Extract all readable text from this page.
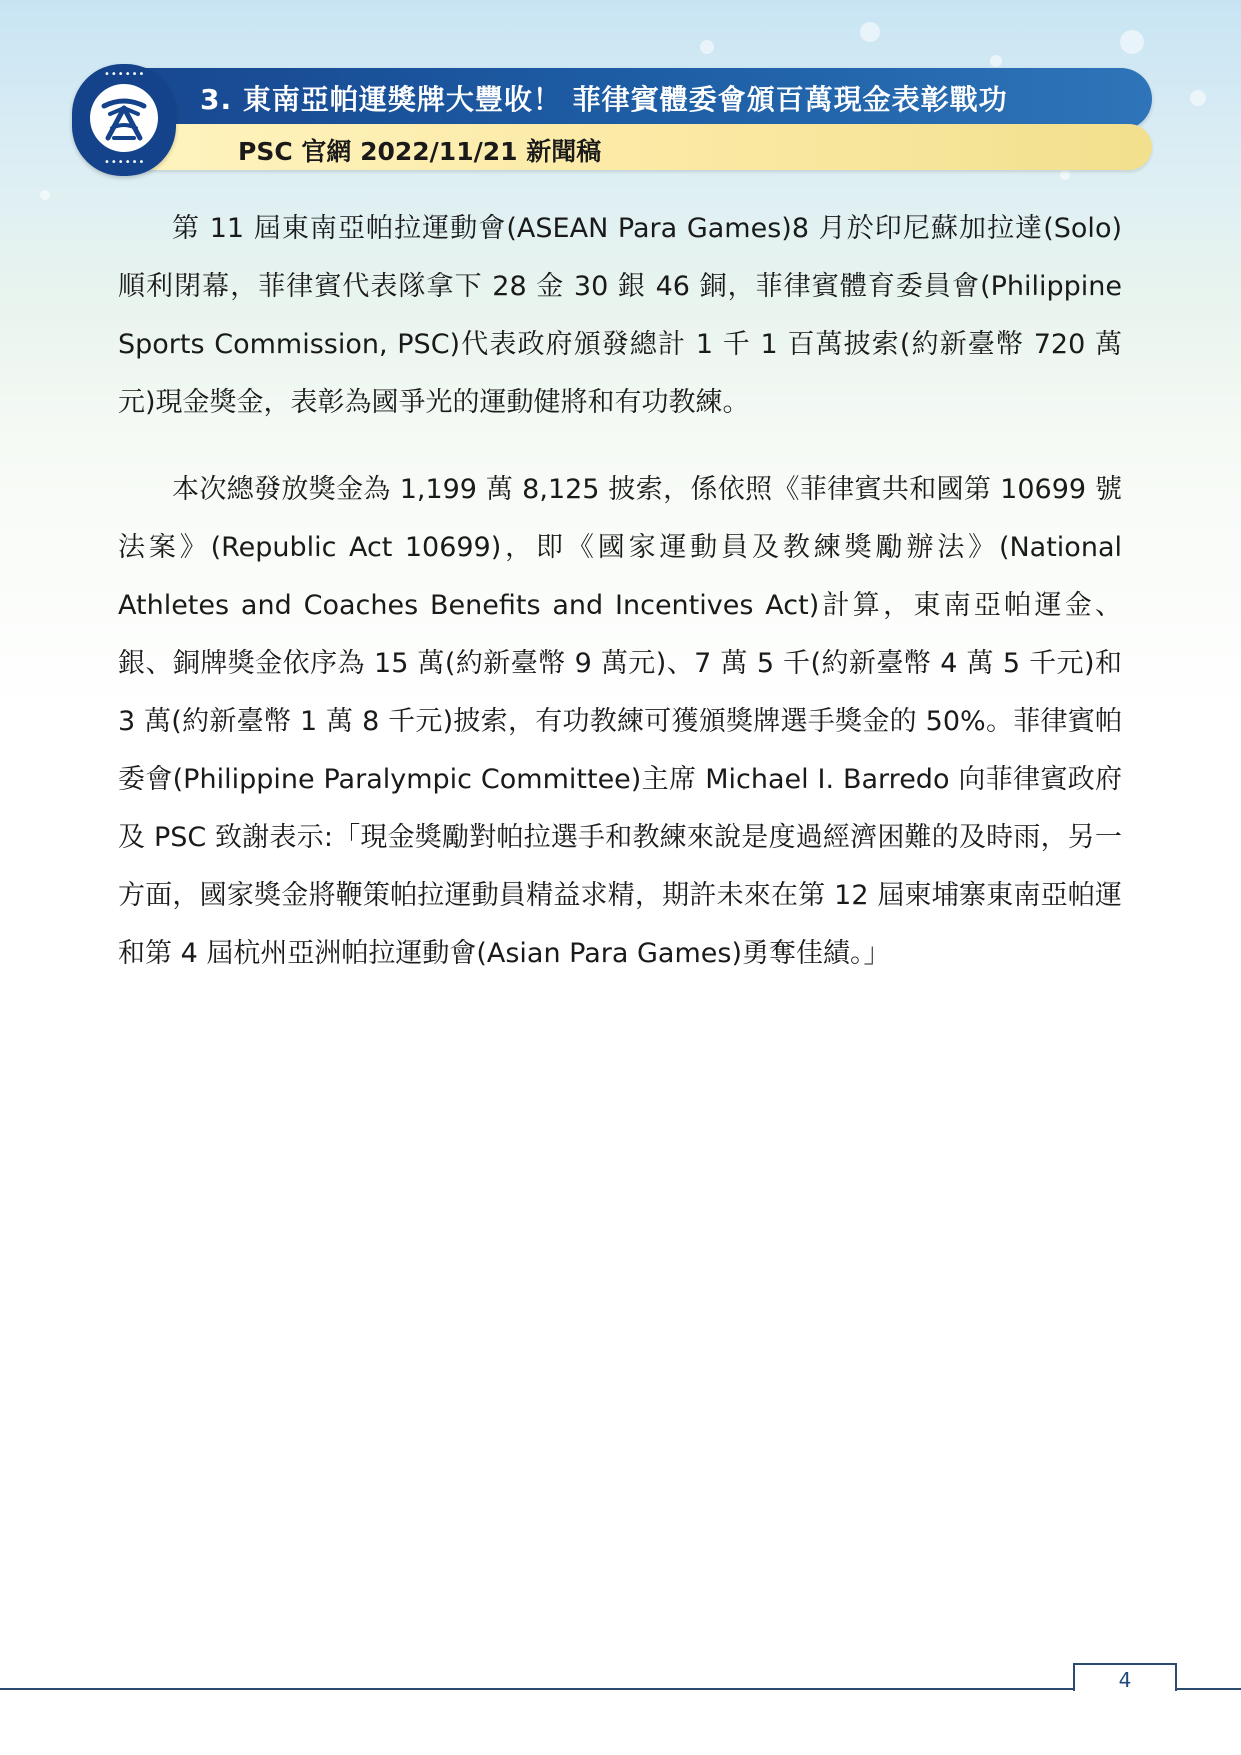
••••••
••••••
3. 東南亞帕運獎牌大豐收！ 菲律賓體委會頒百萬現金表彰戰功
PSC 官網 2022/11/21 新聞稿

第 11 屆東南亞帕拉運動會(ASEAN Para Games)8 月於印尼蘇加拉達(Solo)順利閉幕，菲律賓代表隊拿下 28 金 30 銀 46 銅，菲律賓體育委員會(Philippine Sports Commission, PSC)代表政府頒發總計 1 千 1 百萬披索(約新臺幣 720 萬元)現金獎金，表彰為國爭光的運動健將和有功教練。

本次總發放獎金為 1,199 萬 8,125 披索，係依照《菲律賓共和國第 10699 號法案》(Republic Act 10699)，即《國家運動員及教練獎勵辦法》(National Athletes and Coaches Benefits and Incentives Act)計算，東南亞帕運金、銀、銅牌獎金依序為 15 萬(約新臺幣 9 萬元)、7 萬 5 千(約新臺幣 4 萬 5 千元)和 3 萬(約新臺幣 1 萬 8 千元)披索，有功教練可獲頒獎牌選手獎金的 50%。菲律賓帕委會(Philippine Paralympic Committee)主席 Michael I. Barredo 向菲律賓政府及 PSC 致謝表示:「現金獎勵對帕拉選手和教練來說是度過經濟困難的及時雨，另一方面，國家獎金將鞭策帕拉運動員精益求精，期許未來在第 12 屆柬埔寨東南亞帕運和第 4 屆杭州亞洲帕拉運動會(Asian Para Games)勇奪佳績。」

4
